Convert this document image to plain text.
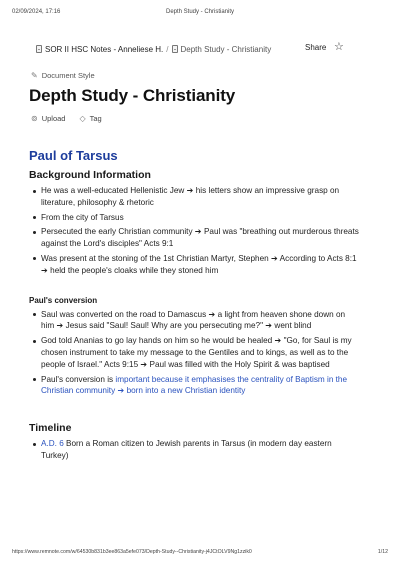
02/09/2024, 17:16	Depth Study - Christianity
SOR II HSC Notes - Anneliese H. / Depth Study - Christianity	Share ☆
✎ Document Style
Depth Study - Christianity
⊚ Upload ◇ Tag
Paul of Tarsus
Background Information
He was a well-educated Hellenistic Jew ➔ his letters show an impressive grasp on literature, philosophy & rhetoric
From the city of Tarsus
Persecuted the early Christian community ➔ Paul was "breathing out murderous threats against the Lord's disciples" Acts 9:1
Was present at the stoning of the 1st Christian Martyr, Stephen ➔ According to Acts 8:1 ➔ held the people's cloaks while they stoned him
Paul's conversion
Saul was converted on the road to Damascus ➔ a light from heaven shone down on him ➔ Jesus said "Saul! Saul! Why are you persecuting me?" ➔ went blind
God told Ananias to go lay hands on him so he would be healed ➔ "Go, for Saul is my chosen instrument to take my message to the Gentiles and to kings, as well as to the people of Israel." Acts 9:15 ➔ Paul was filled with the Holy Spirit & was baptised
Paul's conversion is important because it emphasises the centrality of Baptism in the Christian community ➔ born into a new Christian identity
Timeline
A.D. 6 Born a Roman citizen to Jewish parents in Tarsus (in modern day eastern Turkey)
https://www.remnote.com/w/64530b831b3ee863a5efe073/Depth-Study--Christianity-j4JCtOLV9Ng1zzik0	1/12
